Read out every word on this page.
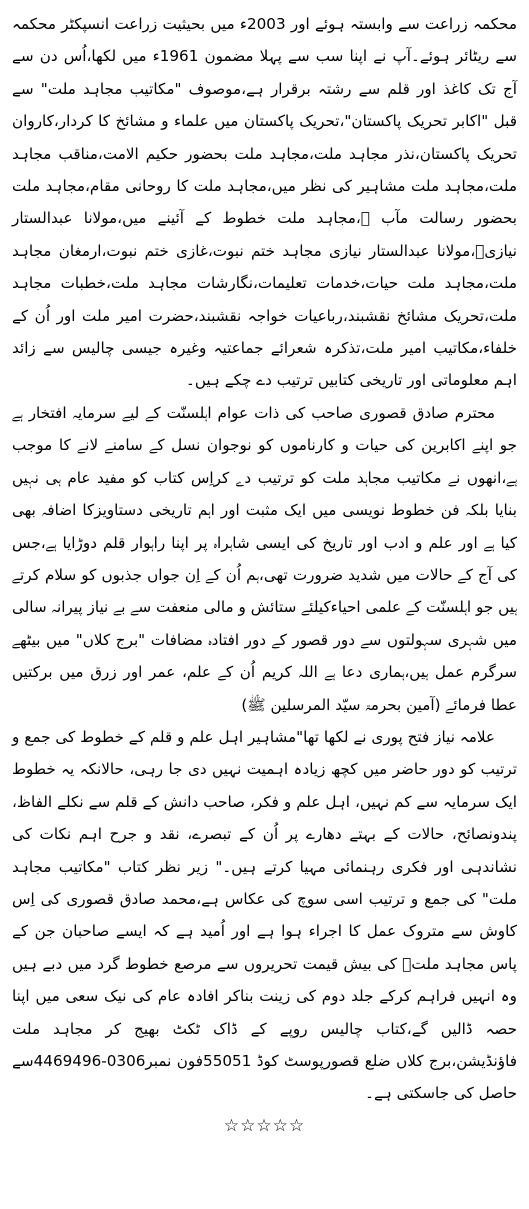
محکمہ زراعت سے وابستہ ہوئے اور 2003ء میں بحیثیت زراعت انسپکٹر محکمہ سے ریٹائر ہوئے۔آپ نے اپنا سب سے پہلا مضمون 1961ء میں لکھا،اُس دن سے آج تک کاغذ اور قلم سے رشتہ برقرار ہے،موصوف "مکاتیب مجاہد ملت" سے قبل "اکابر تحریک پاکستان"،تحریک پاکستان میں علماء و مشائخ کا کردار،کاروان تحریک پاکستان،نذر مجاہد ملت،مجاہد ملت بحضور حکیم الامت،مناقب مجاہد ملت،مجاہد ملت مشاہیر کی نظر میں،مجاہد ملت کا روحانی مقام،مجاہد ملت بحضور رسالت مآب ﷺ،مجاہد ملت خطوط کے آئینے میں،مولانا عبدالستار نیازیؒ،مولانا عبدالستار نیازی مجاہد ختم نبوت،غازی ختم نبوت،ارمغان مجاہد ملت،مجاہد ملت حیات،خدمات تعلیمات،نگارشات مجاہد ملت،خطبات مجاہد ملت،تحریک مشائخ نقشبند،رباعیات خواجہ نقشبند،حضرت امیر ملت اور اُن کے خلفاء،مکاتیب امیر ملت،تذکرہ شعرائے جماعتیہ وغیرہ جیسی چالیس سے زائد اہم معلوماتی اور تاریخی کتابیں ترتیب دے چکے ہیں۔

محترم صادق قصوری صاحب کی ذات عوام اہلسنّت کے لیے سرمایہ افتخار ہے جو اپنے اکابرین کی حیات و کارناموں کو نوجوان نسل کے سامنے لانے کا موجب ہے،انھوں نے مکاتیب مجاہد ملت کو ترتیب دے کراِس کتاب کو مفید عام ہی نہیں بنایا بلکہ فن خطوط نویسی میں ایک مثبت اور اہم تاریخی دستاویزکا اضافہ بھی کیا ہے اور علم و ادب اور تاریخ کی ایسی شاہراہ پر اپنا راہوار قلم دوڑایا ہے،جس کی آج کے حالات میں شدید ضرورت تھی،ہم اُن کے اِن جواں جذبوں کو سلام کرتے ہیں جو اہلسنّت کے علمی احیاءکیلئے ستائش و مالی منعفت سے بے نیاز پیرانہ سالی میں شہری سہولتوں سے دور قصور کے دور افتادہ مضافات "برج کلاں" میں بیٹھے سرگرم عمل ہیں،ہماری دعا ہے اللہ کریم اُن کے علم، عمر اور زرق میں برکتیں عطا فرمائے (آمین بحرمۃ سیّد المرسلین ﷺ)

علامہ نیاز فتح پوری نے لکھا تھا"مشاہیر اہل علم و قلم کے خطوط کی جمع و ترتیب کو دور حاضر میں کچھ زیادہ اہمیت نہیں دی جا رہی، حالانکہ یہ خطوط ایک سرمایہ سے کم نہیں، اہل علم و فکر، صاحب دانش کے قلم سے نکلے الفاظ، پندونصائح، حالات کے بہتے دھارے پر اُن کے تبصرے، نقد و جرح اہم نکات کی نشاندہی اور فکری رہنمائی مہیا کرتے ہیں۔" زیر نظر کتاب "مکاتیب مجاہد ملت" کی جمع و ترتیب اسی سوچ کی عکاس ہے،محمد صادق قصوری کی اِس کاوش سے متروک عمل کا اجراء ہوا ہے اور اُمید ہے کہ ایسے صاحبان جن کے پاس مجاہد ملتؒ کی بیش قیمت تحریروں سے مرصع خطوط گرد میں دبے ہیں وہ انہیں فراہم کرکے جلد دوم کی زینت بناکر افادہ عام کی نیک سعی میں اپنا حصہ ڈالیں گے،کتاب چالیس روپے کے ڈاک ٹکٹ بھیج کر مجاہد ملت فاؤنڈیشن،برج کلاں ضلع قصورپوسٹ کوڈ 55051فون نمبر0306-4469496سے حاصل کی جاسکتی ہے۔

☆☆☆☆☆
